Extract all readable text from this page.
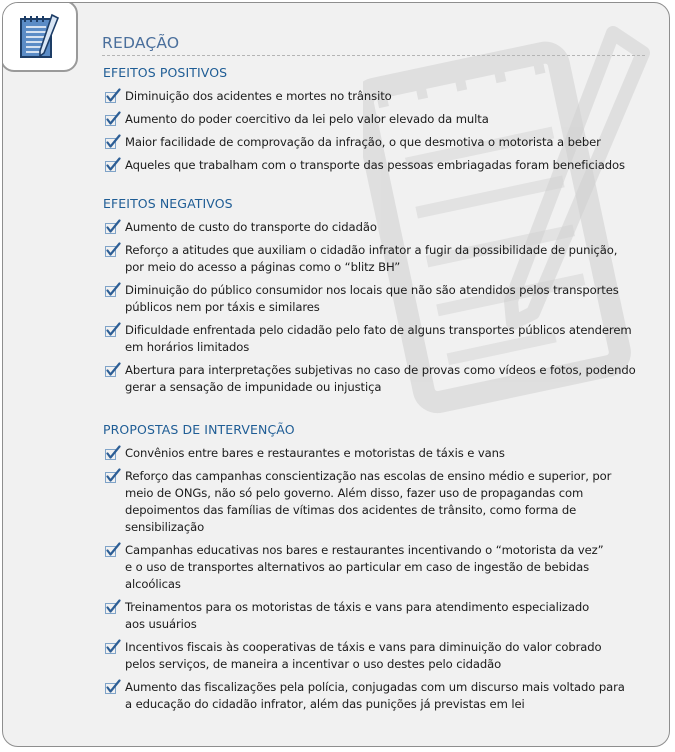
REDAÇÃO
EFEITOS POSITIVOS
Diminuição dos acidentes e mortes no trânsito
Aumento do poder coercitivo da lei pelo valor elevado da multa
Maior facilidade de comprovação da infração, o que desmotiva o motorista a beber
Aqueles que trabalham com o transporte das pessoas embriagadas foram beneficiados
EFEITOS NEGATIVOS
Aumento de custo do transporte do cidadão
Reforço a atitudes que auxiliam o cidadão infrator a fugir da possibilidade de punição,
por meio do acesso a páginas como o “blitz BH”
Diminuição do público consumidor nos locais que não são atendidos pelos transportes
públicos nem por táxis e similares
Dificuldade enfrentada pelo cidadão pelo fato de alguns transportes públicos atenderem
em horários limitados
Abertura para interpretações subjetivas no caso de provas como vídeos e fotos, podendo
gerar a sensação de impunidade ou injustiça
PROPOSTAS DE INTERVENÇÃO
Convênios entre bares e restaurantes e motoristas de táxis e vans
Reforço das campanhas conscientização nas escolas de ensino médio e superior, por
meio de ONGs, não só pelo governo. Além disso, fazer uso de propagandas com
depoimentos das famílias de vítimas dos acidentes de trânsito, como forma de
sensibilização
Campanhas educativas nos bares e restaurantes incentivando o “motorista da vez”
e o uso de transportes alternativos ao particular em caso de ingestão de bebidas
alcoólicas
Treinamentos para os motoristas de táxis e vans para atendimento especializado
aos usuários
Incentivos fiscais às cooperativas de táxis e vans para diminuição do valor cobrado
pelos serviços, de maneira a incentivar o uso destes pelo cidadão
Aumento das fiscalizações pela polícia, conjugadas com um discurso mais voltado para
a educação do cidadão infrator, além das punições já previstas em lei
